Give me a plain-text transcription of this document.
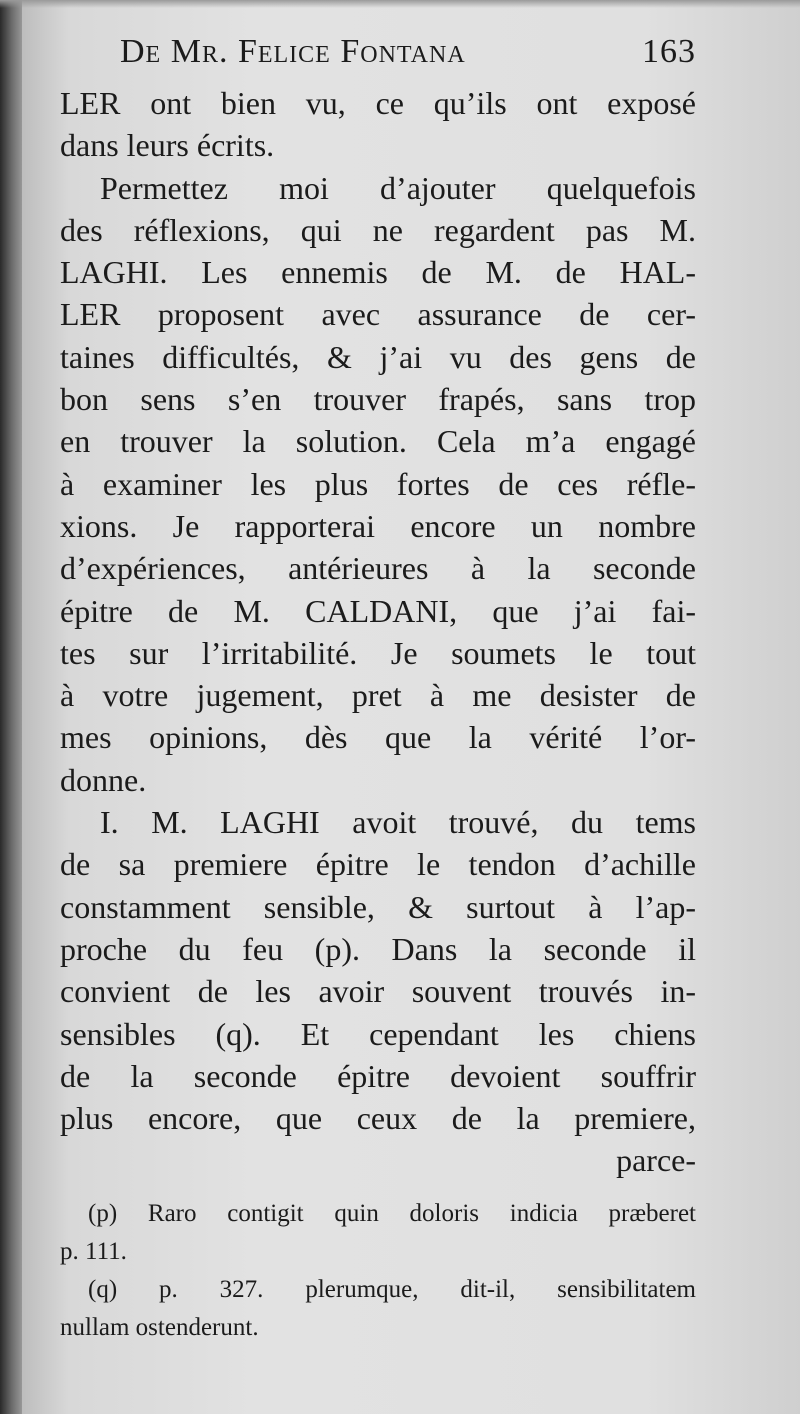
De Mr. Felice Fontana	163
LER ont bien vu, ce qu’ils ont exposé
dans leurs écrits.
Permettez moi d’ajouter quelquefois
des réflexions, qui ne regardent pas M.
LAGHI. Les ennemis de M. de HAL-
LER proposent avec assurance de cer-
taines difficultés, & j’ai vu des gens de
bon sens s’en trouver frapés, sans trop
en trouver la solution. Cela m’a engagé
à examiner les plus fortes de ces réfle-
xions. Je rapporterai encore un nombre
d’expériences, antérieures à la seconde
épitre de M. CALDANI, que j’ai fai-
tes sur l’irritabilité. Je soumets le tout
à votre jugement, pret à me desister de
mes opinions, dès que la vérité l’or-
donne.
I. M. LAGHI avoit trouvé, du tems
de sa premiere épitre le tendon d’achille
constamment sensible, & surtout à l’ap-
proche du feu (p). Dans la seconde il
convient de les avoir souvent trouvés in-
sensibles (q). Et cependant les chiens
de la seconde épitre devoient souffrir
plus encore, que ceux de la premiere,
parce-
(p) Raro contigit quin doloris indicia præberet
p. 111.
(q) p. 327. plerumque, dit-il, sensibilitatem
nullam ostenderunt.
